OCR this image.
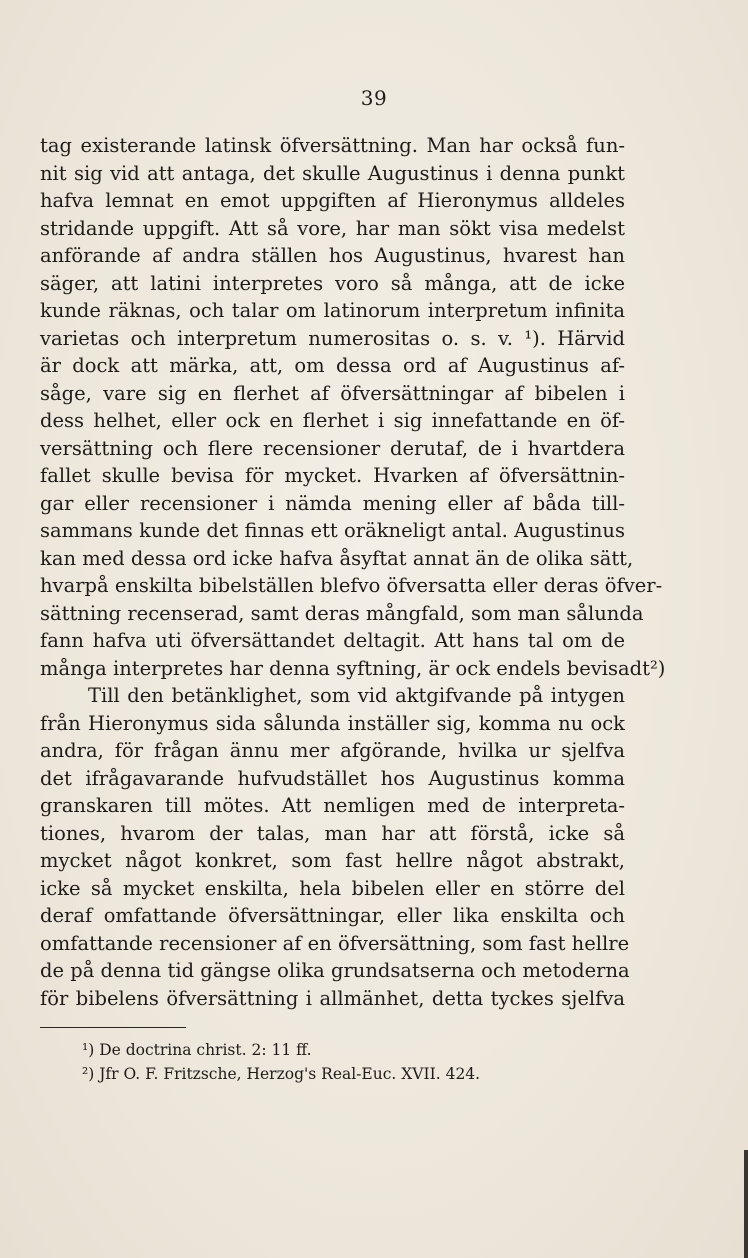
39
tag existerande latinsk öfversättning. Man har också fun-
nit sig vid att antaga, det skulle Augustinus i denna punkt
hafva lemnat en emot uppgiften af Hieronymus alldeles
stridande uppgift. Att så vore, har man sökt visa medelst
anförande af andra ställen hos Augustinus, hvarest han
säger, att latini interpretes voro så många, att de icke
kunde räknas, och talar om latinorum interpretum infinita
varietas och interpretum numerositas o. s. v. ¹). Härvid
är dock att märka, att, om dessa ord af Augustinus af-
såge, vare sig en flerhet af öfversättningar af bibelen i
dess helhet, eller ock en flerhet i sig innefattande en öf-
versättning och flere recensioner derutaf, de i hvartdera
fallet skulle bevisa för mycket. Hvarken af öfversättnin-
gar eller recensioner i nämda mening eller af båda till-
sammans kunde det finnas ett oräkneligt antal. Augustinus
kan med dessa ord icke hafva åsyftat annat än de olika sätt,
hvarpå enskilta bibelställen blefvo öfversatta eller deras öfver-
sättning recenserad, samt deras mångfald, som man sålunda
fann hafva uti öfversättandet deltagit. Att hans tal om de
många interpretes har denna syftning, är ock endels bevisadt²)
Till den betänklighet, som vid aktgifvande på intygen
från Hieronymus sida sålunda inställer sig, komma nu ock
andra, för frågan ännu mer afgörande, hvilka ur sjelfva
det ifrågavarande hufvudstället hos Augustinus komma
granskaren till mötes. Att nemligen med de interpreta-
tiones, hvarom der talas, man har att förstå, icke så
mycket något konkret, som fast hellre något abstrakt,
icke så mycket enskilta, hela bibelen eller en större del
deraf omfattande öfversättningar, eller lika enskilta och
omfattande recensioner af en öfversättning, som fast hellre
de på denna tid gängse olika grundsatserna och metoderna
för bibelens öfversättning i allmänhet, detta tyckes sjelfva
¹) De doctrina christ. 2: 11 ff.
²) Jfr O. F. Fritzsche, Herzog's Real-Euc. XVII. 424.
